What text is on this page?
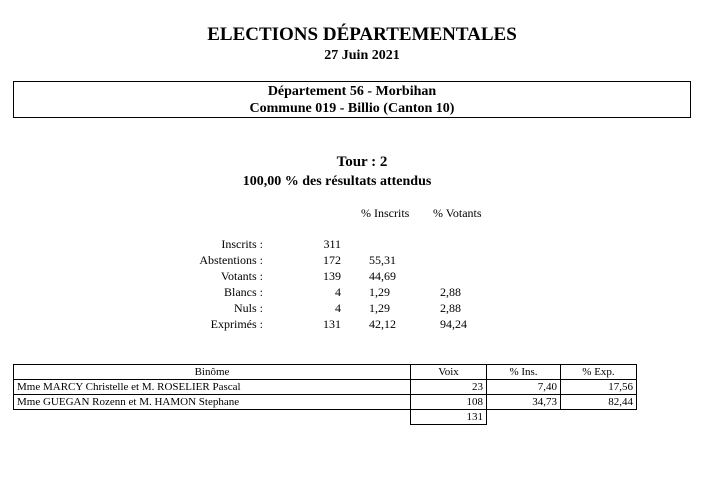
ELECTIONS DÉPARTEMENTALES
27 Juin 2021
Département 56 - Morbihan
Commune 019 - Billio (Canton 10)
Tour : 2
100,00 % des résultats attendus
% Inscrits % Votants
Inscrits :	311
Abstentions :	172 55,31
Votants :	139 44,69
Blancs :	4 1,29	2,88
Nuls :	4 1,29	2,88
Exprimés :	131 42,12	94,24
Binôme	Voix	% Ins.	% Exp.
Mme MARCY Christelle et M. ROSELIER Pascal	23	7,40	17,56
Mme GUEGAN Rozenn et M. HAMON Stephane	108	34,73	82,44
	131		
